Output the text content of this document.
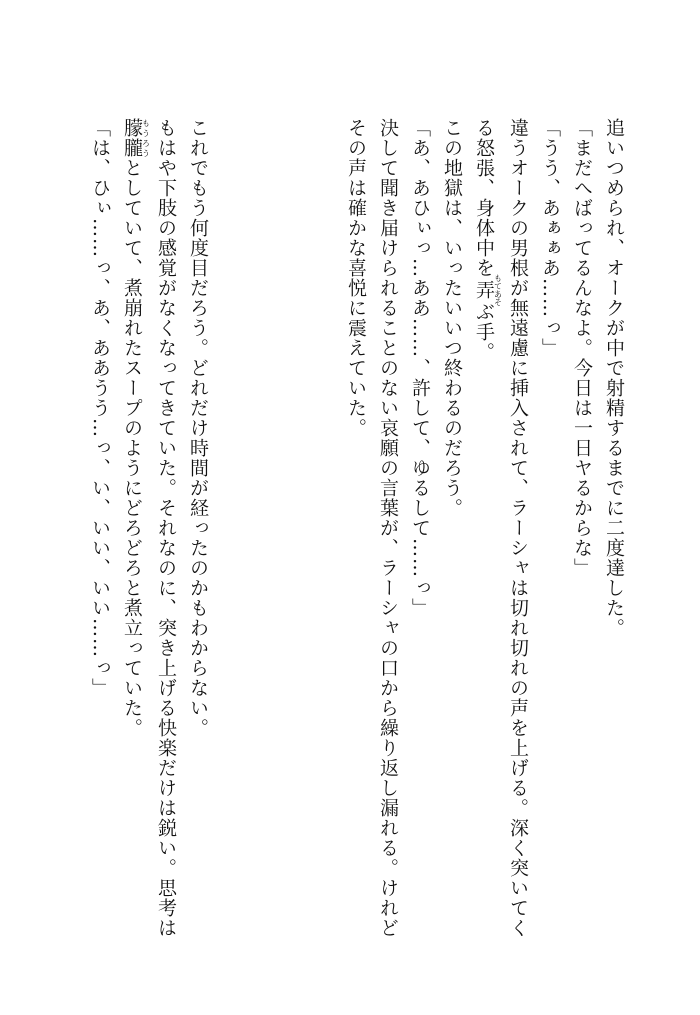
追いつめられ、オークが中で射精するまでに二度達した。
「まだへばってるんなよ。今日は一日ヤるからな」
「うう、あぁぁあ……っ」
違うオークの男根が無遠慮に挿入されて、ラーシャは切れ切れの声を上げる。深く突いてく
る怒張、身体中を弄もてあそぶ手。
この地獄は、いったいいつ終わるのだろう。
「あ、あひぃっ…ああ……、許して、ゆるして……っ」
決して聞き届けられることのない哀願の言葉が、ラーシャの口から繰り返し漏れる。けれど
その声は確かな喜悦に震えていた。
これでもう何度目だろう。どれだけ時間が経ったのかもわからない。
もはや下肢の感覚がなくなってきていた。それなのに、突き上げる快楽だけは鋭い。思考は
朦朧もうろうとしていて、煮崩れたスープのようにどろどろと煮立っていた。
「は、ひぃ……っ、あ、ああうう…っ、い、いい、いい……っ」
